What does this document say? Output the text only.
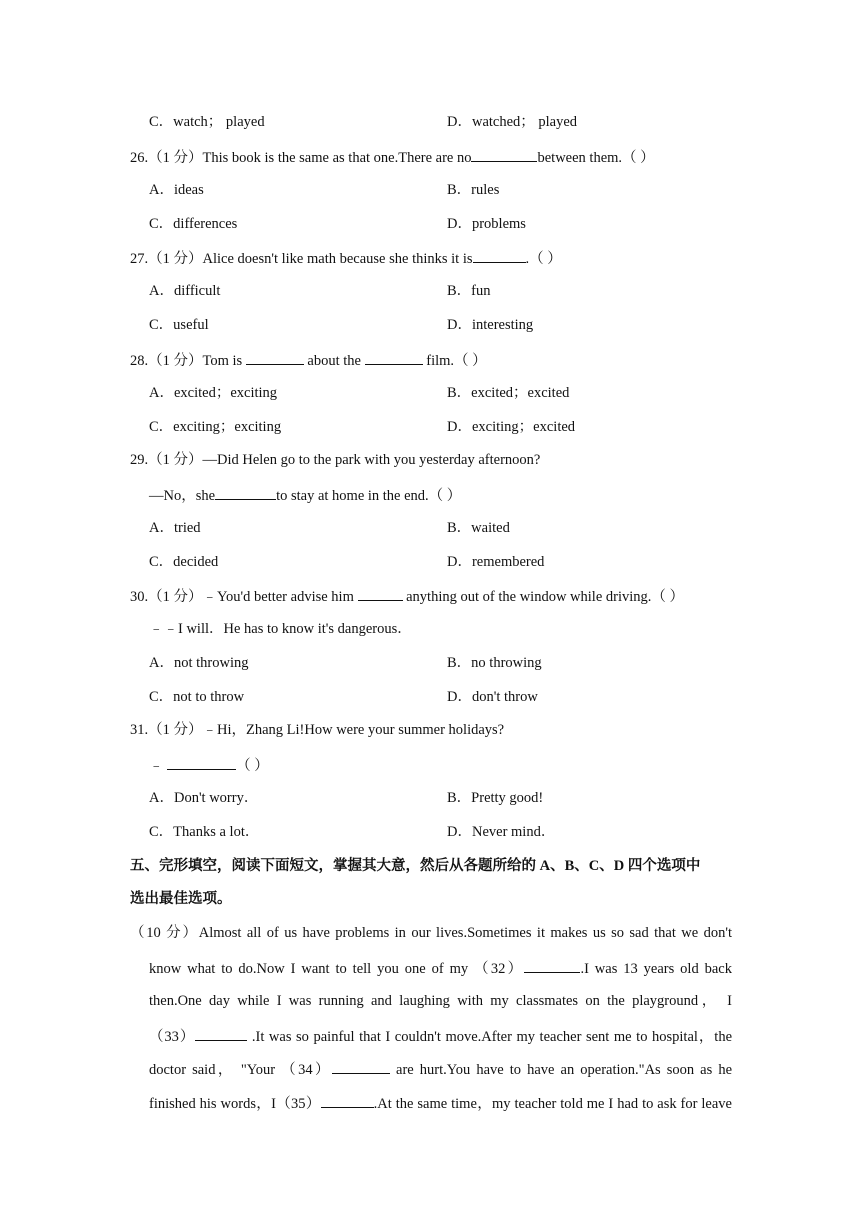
C．watch； played	D．watched； played
26.（1 分）This book is the same as that one.There are no	between them.（ ）
A．ideas	B．rules
C．differences	D．problems
27.（1 分）Alice doesn't like math because she thinks it is	.（ ）
A．difficult	B．fun
C．useful	D．interesting
28.（1 分）Tom is	about the	film.（ ）
A．excited；exciting	B．excited；excited
C．exciting；exciting	D．exciting；excited
29.（1 分）—Did Helen go to the park with you yesterday afternoon?
—No，she	to stay at home in the end.（ ）
A．tried	B．waited
C．decided	D．remembered
30.（1 分）﹣You'd better advise him	anything out of the window while driving.（ ）
﹣﹣I will．He has to know it's dangerous．
A．not throwing	B．no throwing
C．not to throw	D．don't throw
31.（1 分）﹣Hi，Zhang Li!How were your summer holidays?
﹣	（ ）
A．Don't worry．	B．Pretty good!
C．Thanks a lot．	D．Never mind．
五、完形填空，阅读下面短文，掌握其大意，然后从各题所给的 A、B、C、D 四个选项中
选出最佳选项。
（10 分）Almost all of us have problems in our lives.Sometimes it makes us so sad that we don't
know what to do.Now I want to tell you one of my （32）	.I was 13 years old back
then.One day while I was running and laughing with my classmates on the playground， I
（33）	.It was so painful that I couldn't move.After my teacher sent me to hospital，the
doctor said， "Your （34）	are hurt.You have to have an operation."As soon as he
finished his words，I（35）	.At the same time，my teacher told me I had to ask for leave
